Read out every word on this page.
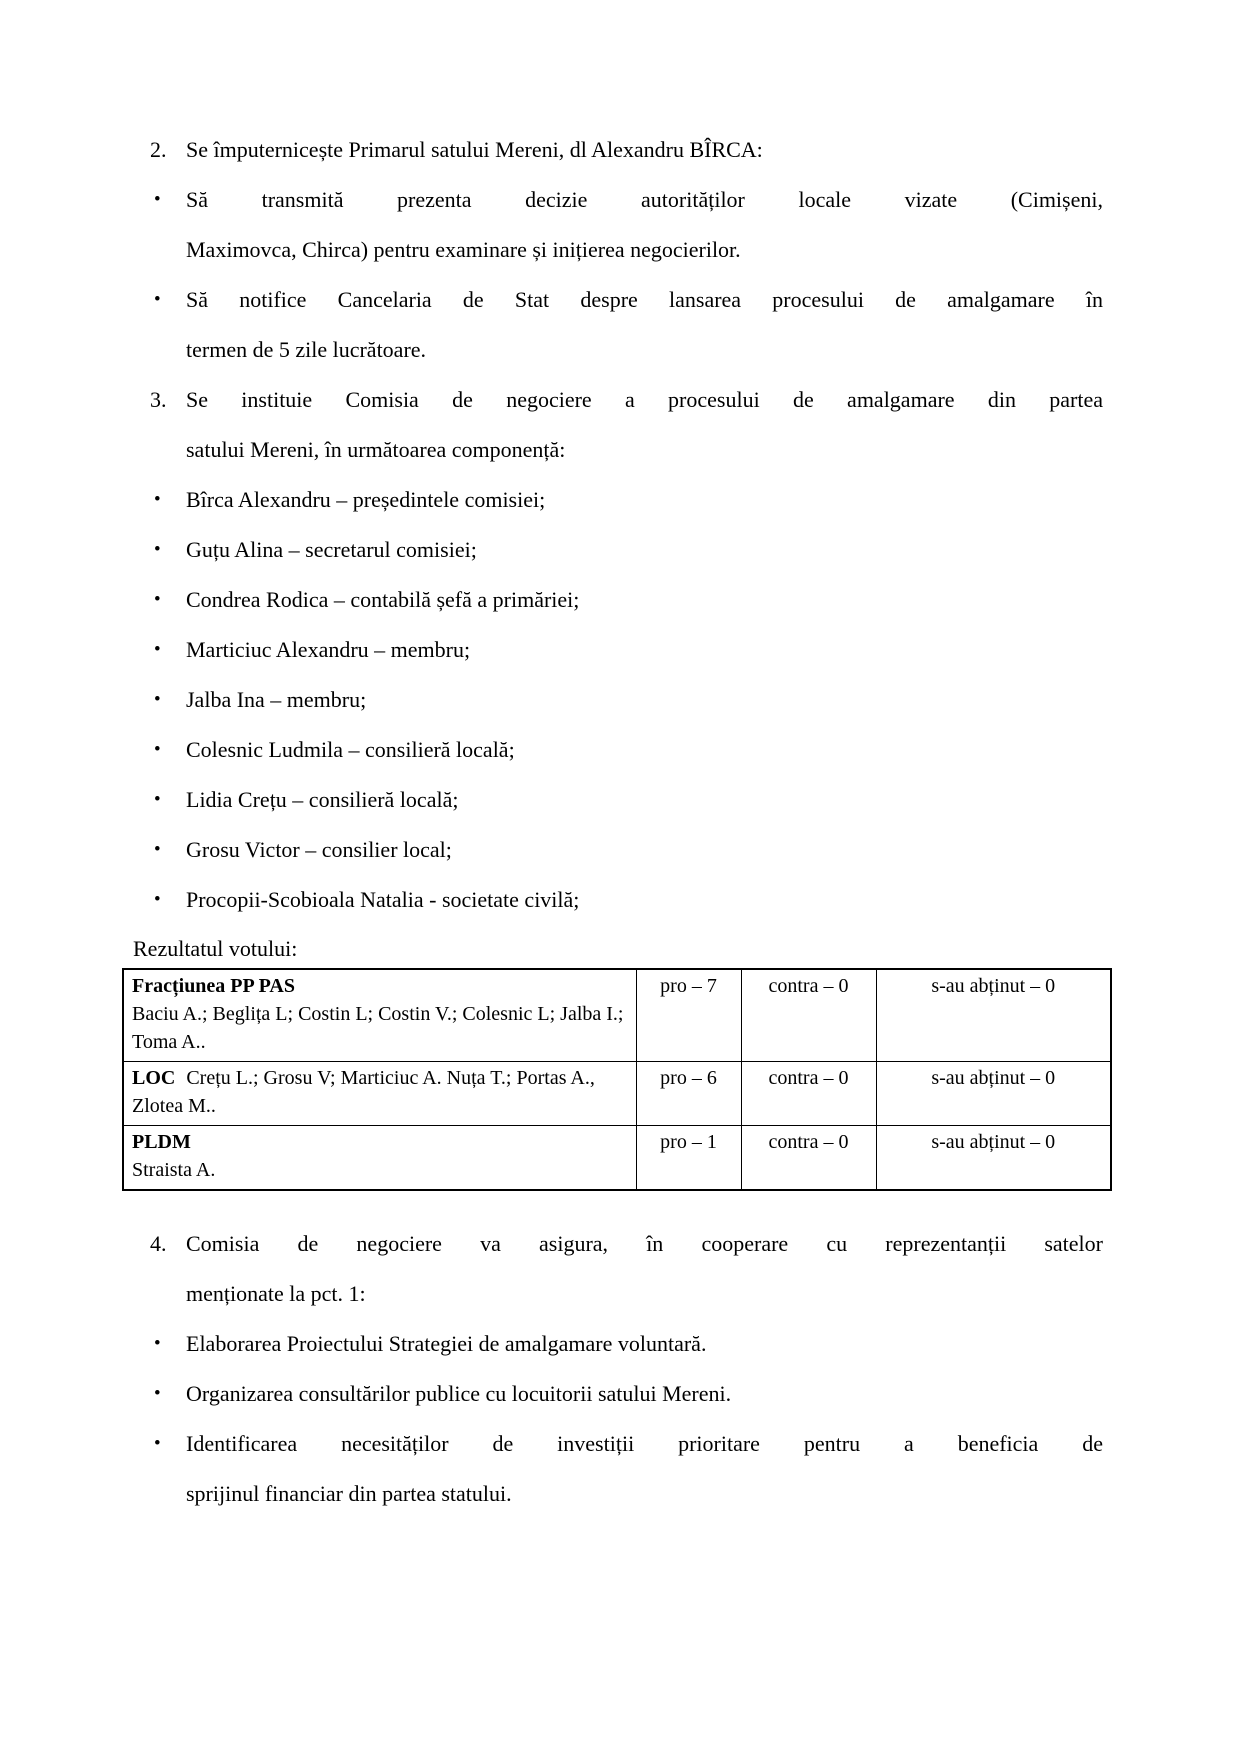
2. Se împuternicește Primarul satului Mereni, dl Alexandru BÎRCA:
• Să transmită prezenta decizie autorităților locale vizate (Cimișeni,
Maximovca, Chirca) pentru examinare și inițierea negocierilor.
• Să notifice Cancelaria de Stat despre lansarea procesului de amalgamare în
termen de 5 zile lucrătoare.
3. Se instituie Comisia de negociere a procesului de amalgamare din partea
satului Mereni, în următoarea componență:
• Bîrca Alexandru – președintele comisiei;
• Guțu Alina – secretarul comisiei;
• Condrea Rodica – contabilă șefă a primăriei;
• Marticiuc Alexandru – membru;
• Jalba Ina – membru;
• Colesnic Ludmila – consilieră locală;
• Lidia Crețu – consilieră locală;
• Grosu Victor – consilier local;
• Procopii-Scobioala Natalia - societate civilă;
Rezultatul votului:
Fracțiunea PP PAS
Baciu A.; Beglița L; Costin L; Costin V.; Colesnic L; Jalba I.; Toma A..	pro – 7	contra – 0	s-au abținut – 0
LOC Crețu L.; Grosu V; Marticiuc A. Nuța T.; Portas A., Zlotea M..	pro – 6	contra – 0	s-au abținut – 0

PLDM
Straista A.	pro – 1	contra – 0	s-au abținut – 0
4. Comisia de negociere va asigura, în cooperare cu reprezentanții satelor
menționate la pct. 1:
• Elaborarea Proiectului Strategiei de amalgamare voluntară.
• Organizarea consultărilor publice cu locuitorii satului Mereni.
• Identificarea necesităților de investiții prioritare pentru a beneficia de
sprijinul financiar din partea statului.
